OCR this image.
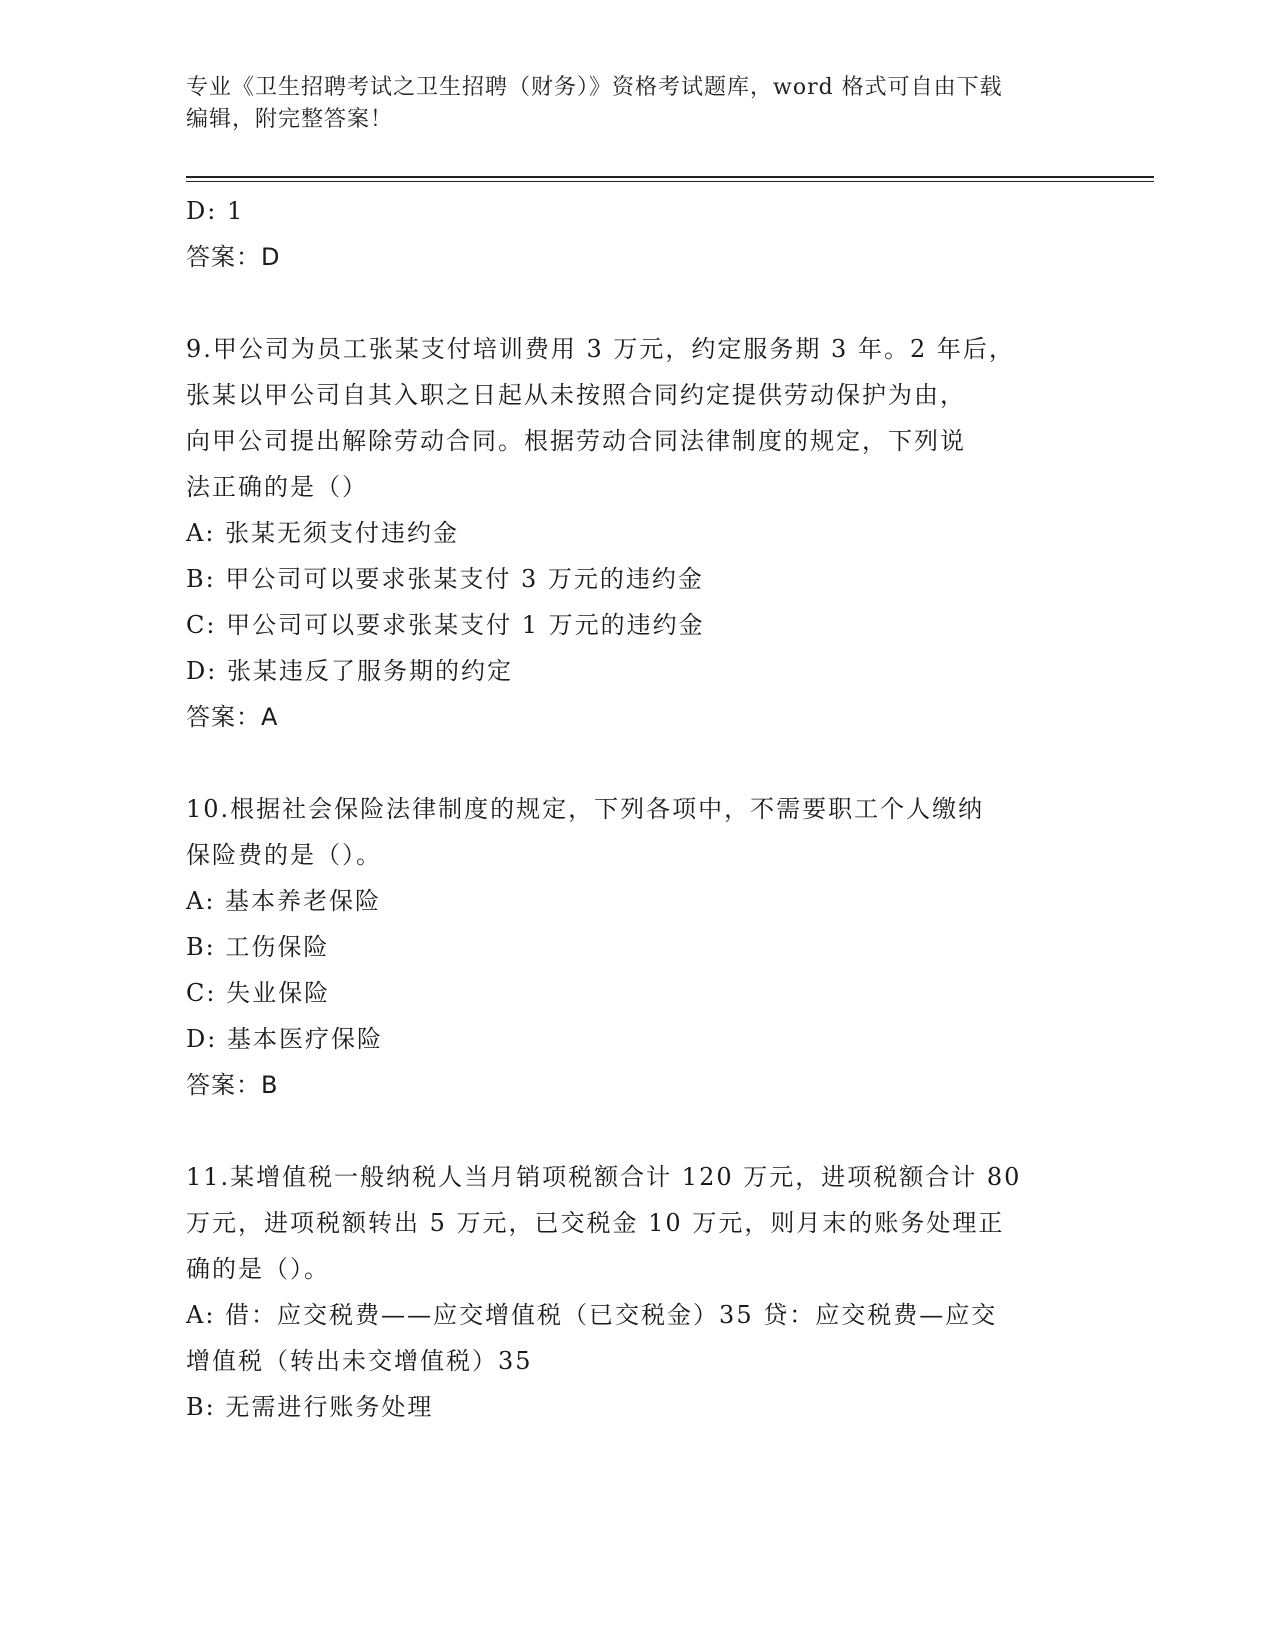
专业《卫生招聘考试之卫生招聘（财务）》资格考试题库，word 格式可自由下载
编辑，附完整答案！
D: 1
答案：D
9.甲公司为员工张某支付培训费用 3 万元，约定服务期 3 年。2 年后，
张某以甲公司自其入职之日起从未按照合同约定提供劳动保护为由，
向甲公司提出解除劳动合同。根据劳动合同法律制度的规定，下列说
法正确的是（）
A: 张某无须支付违约金
B: 甲公司可以要求张某支付 3 万元的违约金
C: 甲公司可以要求张某支付 1 万元的违约金
D: 张某违反了服务期的约定
答案：A
10.根据社会保险法律制度的规定，下列各项中，不需要职工个人缴纳
保险费的是（）。
A: 基本养老保险
B: 工伤保险
C: 失业保险
D: 基本医疗保险
答案：B
11.某增值税一般纳税人当月销项税额合计 120 万元，进项税额合计 80
万元，进项税额转出 5 万元，已交税金 10 万元，则月末的账务处理正
确的是（）。
A: 借：应交税费——应交增值税（已交税金）35 贷：应交税费—应交
增值税（转出未交增值税）35
B: 无需进行账务处理
